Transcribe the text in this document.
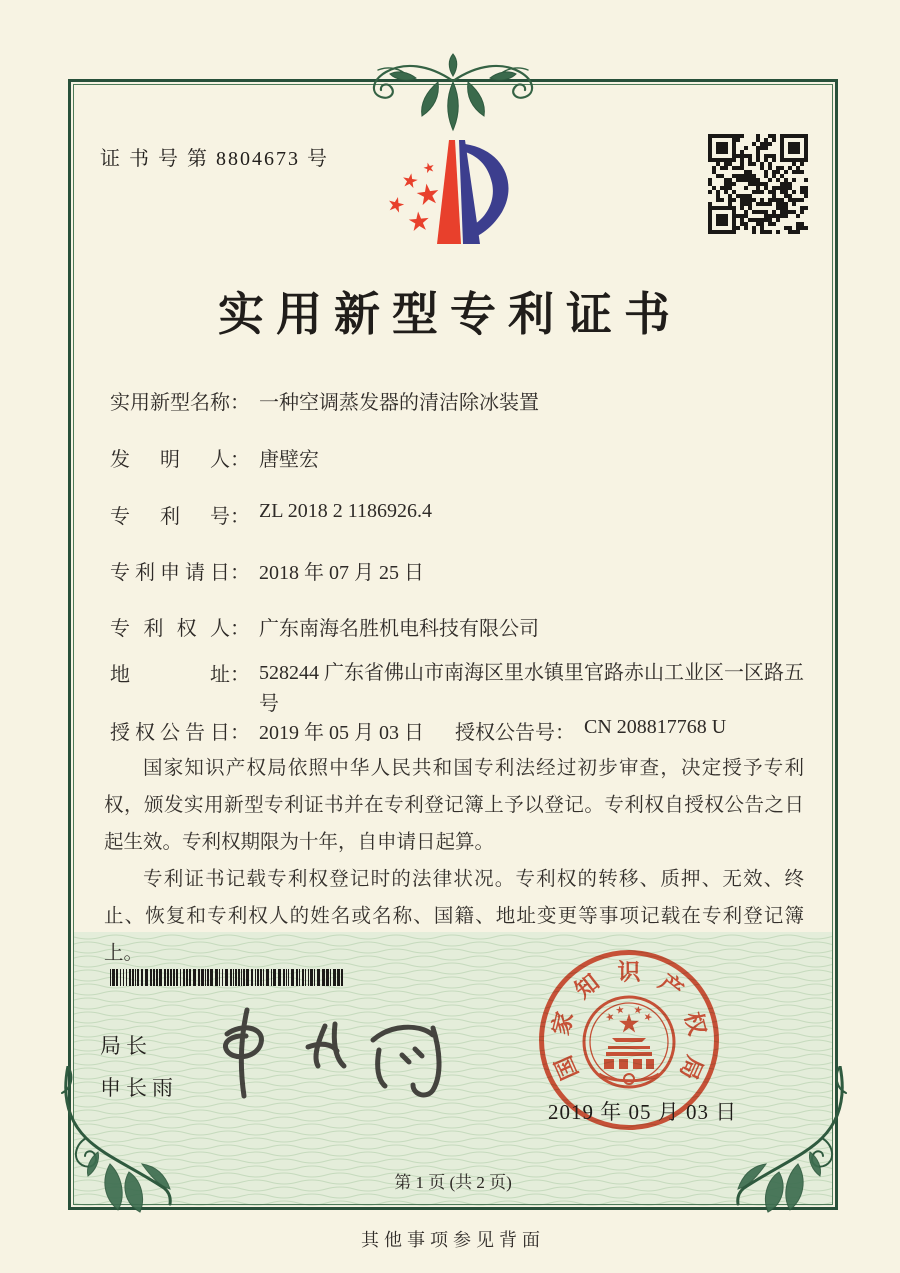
证 书 号 第 8804673 号
实用新型专利证书
实用新型名称： 一种空调蒸发器的清洁除冰装置
发明人： 唐壁宏
专利号： ZL 2018 2 1186926.4
专利申请日： 2018 年 07 月 25 日
专利权人： 广东南海名胜机电科技有限公司
地址： 528244 广东省佛山市南海区里水镇里官路赤山工业区一区路五号
授权公告日： 2019 年 05 月 03 日 授权公告号： CN 208817768 U

国家知识产权局依照中华人民共和国专利法经过初步审查，决定授予专利权，颁发实用新型专利证书并在专利登记簿上予以登记。专利权自授权公告之日起生效。专利权期限为十年，自申请日起算。

专利证书记载专利权登记时的法律状况。专利权的转移、质押、无效、终止、恢复和专利权人的姓名或名称、国籍、地址变更等事项记载在专利登记簿上。

局长
申长雨
国
家
知 识 产
权
局
2019 年 05 月 03 日
第 1 页 (共 2 页)
其他事项参见背面
